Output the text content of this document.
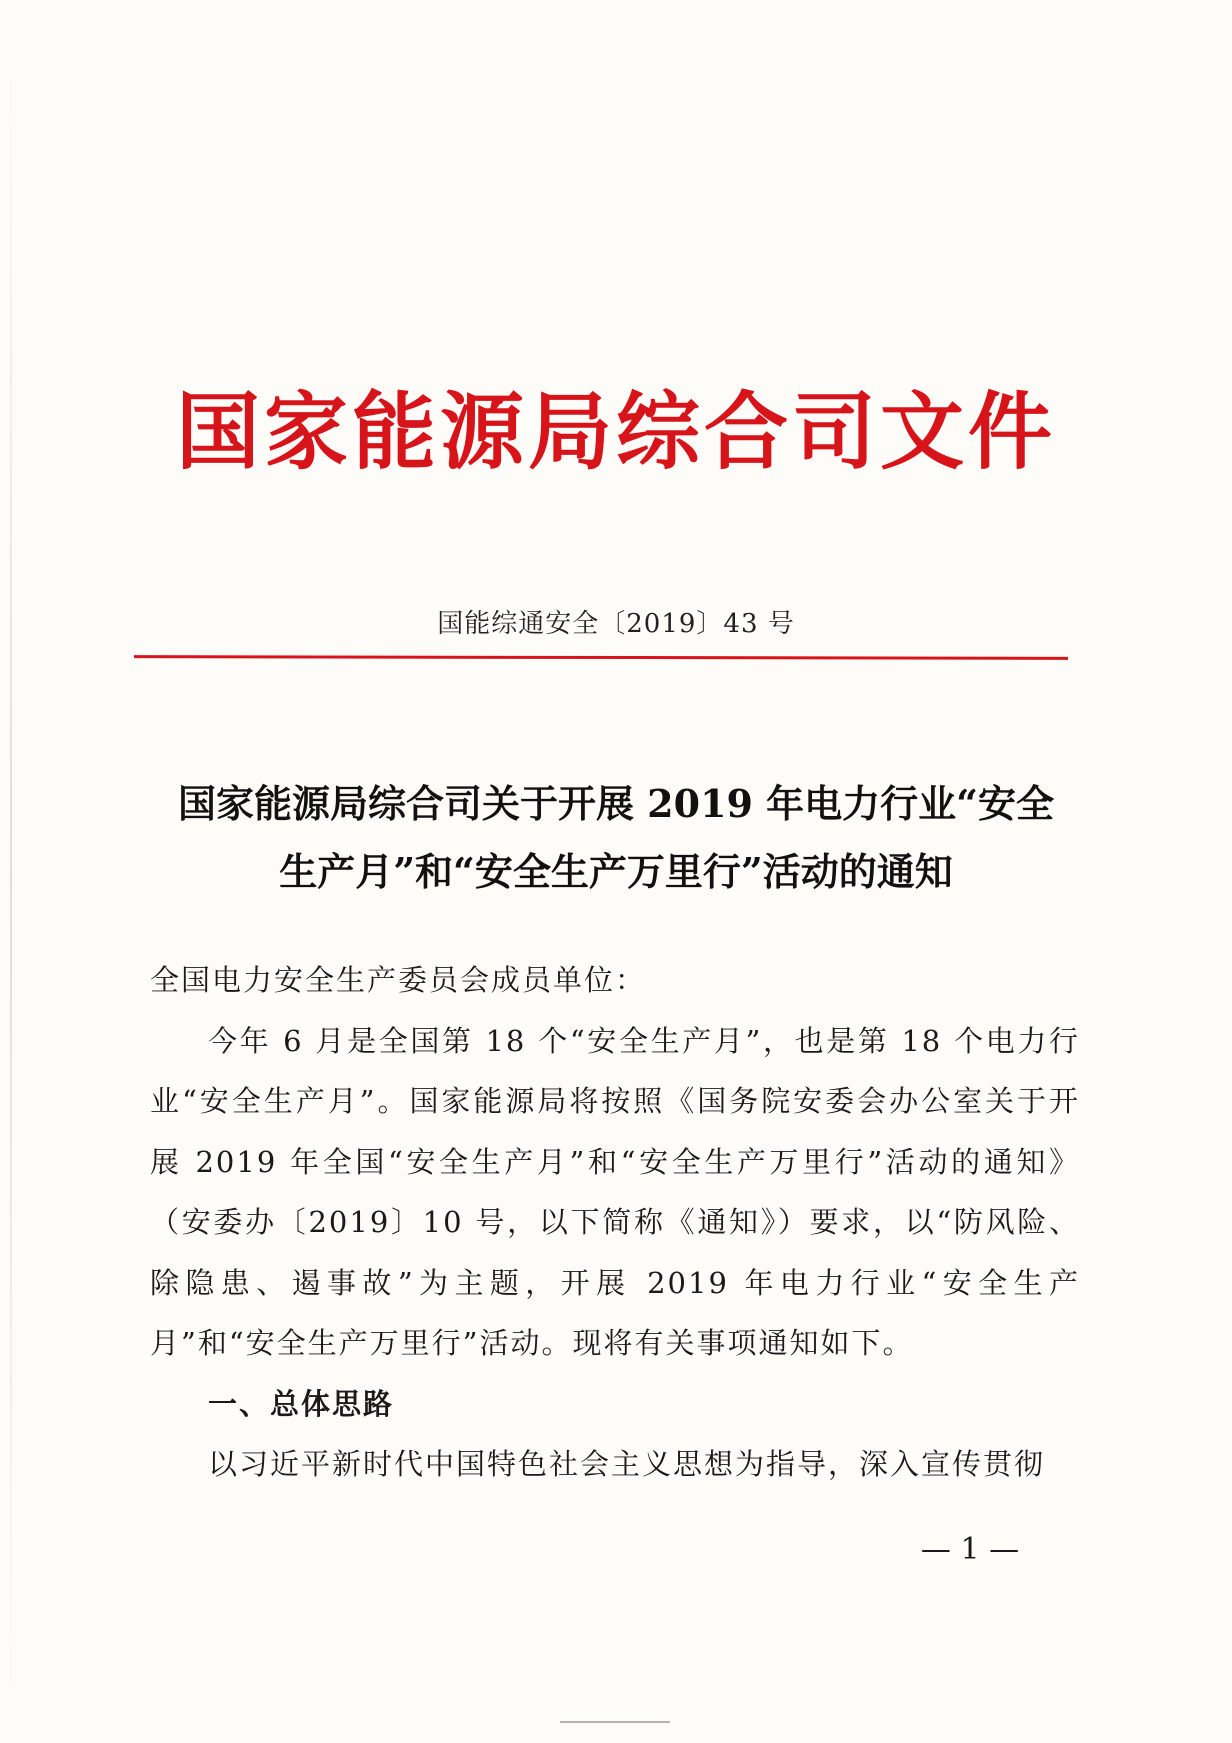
国家能源局综合司文件
国能综通安全〔2019〕43 号
国家能源局综合司关于开展 2019 年电力行业“安全
生产月”和“安全生产万里行”活动的通知

全国电力安全生产委员会成员单位：

今年 6 月是全国第 18 个“安全生产月”，也是第 18 个电力行业“安全生产月”。国家能源局将按照《国务院安委会办公室关于开展 2019 年全国“安全生产月”和“安全生产万里行”活动的通知》（安委办〔2019〕10 号，以下简称《通知》）要求，以“防风险、除隐患、遏事故”为主题，开展 2019 年电力行业“安全生产月”和“安全生产万里行”活动。现将有关事项通知如下。

一、总体思路

以习近平新时代中国特色社会主义思想为指导，深入宣传贯彻

— 1 —
